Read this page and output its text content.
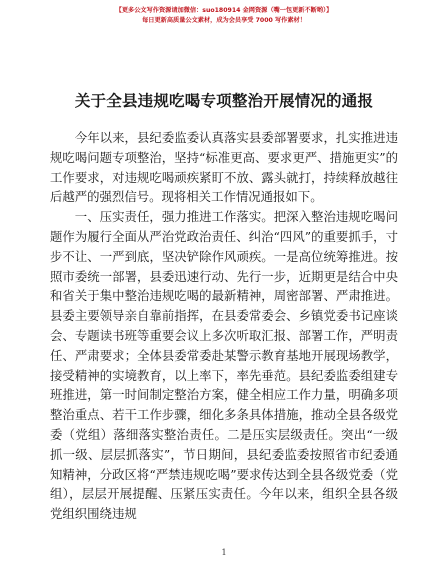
【更多公文写作资源请加微信：suo180914 金网资源（嘴一包更新不断哟）】
每日更新高质量公文素材，成为会员享受 7000 写作素材！
关于全县违规吃喝专项整治开展情况的通报

今年以来，县纪委监委认真落实县委部署要求，扎实推进违规吃喝问题专项整治，坚持“标准更高、要求更严、措施更实”的工作要求，对违规吃喝顽疾紧盯不放、露头就打，持续释放越往后越严的强烈信号。现将相关工作情况通报如下。

一、压实责任，强力推进工作落实。把深入整治违规吃喝问题作为履行全面从严治党政治责任、纠治“四风”的重要抓手，寸步不让、一严到底，坚决铲除作风顽疾。一是高位统筹推进。按照市委统一部署，县委迅速行动、先行一步，近期更是结合中央和省关于集中整治违规吃喝的最新精神，周密部署、严肃推进。县委主要领导亲自靠前指挥，在县委常委会、乡镇党委书记座谈会、专题读书班等重要会议上多次听取汇报、部署工作，严明责任、严肃要求；全体县委常委赴某警示教育基地开展现场教学，接受精神的实境教育，以上率下，率先垂范。县纪委监委组建专班推进，第一时间制定整治方案，健全相应工作力量，明确多项整治重点、若干工作步骤，细化多条具体措施，推动全县各级党委（党组）落细落实整治责任。二是压实层级责任。突出“一级抓一级、层层抓落实”，节日期间，县纪委监委按照省市纪委通知精神，分政区将“严禁违规吃喝”要求传达到全县各级党委（党组），层层开展提醒、压紧压实责任。今年以来，组织全县各级党组织围绕违规

1
